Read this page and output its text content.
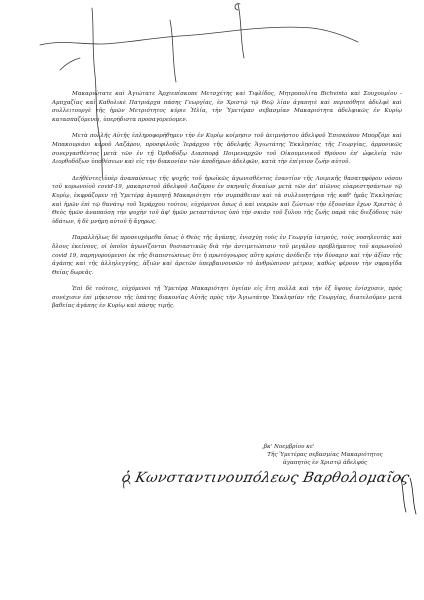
Μακαριώτατε καὶ Ἁγιώτατε Ἀρχιεπίσκοπε Μετσχέτης καὶ Τιφλίδος, Μητροπολίτα Bichvinta καὶ Σουχουμίου - Αμπχαζίας καὶ Καθολικὲ Πατριάρχα πάσης Γεωργίας, ἐν Χριστῷ τῷ Θεῷ λίαν ἀγαπητὲ καὶ περιπόθητε ἀδελφὲ καὶ συλλειτουργὲ τῆς ἡμῶν Μετριότητος κύριε Ἠλία, τὴν Ὑμετέραν σεβασμίαν Μακαριότητα ἀδελφικῶς ἐν Κυρίῳ κατασπαζόμενοι, ὑπερήδιστα προσαγορεύομεν.

Μετὰ πολλῆς Αὐτῆς ἐπληροφορήθημεν τὴν ἐν Κυρίῳ κοίμησιν τοῦ ἀειμνήστου ἀδελφοῦ Ἐπισκόπου Μπορζόμι καὶ Μπακουριάνι κυροῦ Λαζάρου, προσφιλοῦς Ἱεράρχου τῆς ἀδελφῆς Ἁγιωτάτης Ἐκκλησίας τῆς Γεωργίας, ἁρμονικῶς συνεργασθέντος μετὰ τῶν ἐν τῇ Ὀρθοδόξῳ Διασπορᾷ Ποιμεναρχῶν τοῦ Οἰκουμενικοῦ Θρόνου ἐπ' ὠφελείᾳ τῶν Διορθοδόξων ὑποθέσεων καὶ εἰς τὴν διακονίαν τῶν ἀποδήμων ἀδελφῶν, κατὰ τὴν ἐπίγειον ζωὴν αὐτοῦ.

Δεήθέντες ὑπὲρ ἀναπαύσεως τῆς ψυχῆς τοῦ ἡρωϊκῶς ἀγωνισθέντος ἐναντίον τῆς Λοιμικῆς θανατηφόρου νόσου τοῦ κορωνοϊοῦ covid-19, μακαριστοῦ ἀδελφοῦ Λαζάρου ἐν σκηναῖς δικαίων μετὰ τῶν ἀπ' αἰῶνος εὐαρεστησάντων τῷ Κυρίῳ, ἐκφράζομεν τῇ Ὑμετέρᾳ ἀγαπητῇ Μακαριότητι τὴν συμπάθειαν καὶ τὰ συλλυπητήρια τῆς καθ' ἡμᾶς Ἐκκλησίας καὶ ἡμῶν ἐπὶ τῷ θανάτῳ τοῦ Ἱεράρχου τούτου, εὐχόμενοι ὅπως ὁ καὶ νεκρῶν καὶ ζώντων τὴν ἐξουσίαν ἔχων Χριστὸς ὁ Θεὸς ἡμῶν ἀναπαύσῃ τὴν ψυχὴν τοῦ ἀφ' ἡμῶν μεταστάντος ὑπὸ τὴν σκιὰν τοῦ ξύλου τῆς ζωῆς παρὰ τὰς διεξόδους τῶν ὑδάτων, ἡ δὲ μνήμη αὐτοῦ ἤ ἄγηρως.

Παραλλήλως δὲ προσευχόμεθα ὅπως ὁ Θεὸς τῆς ἀγάπης, ἐνισχύῃ τοὺς ἐν Γεωργίᾳ ἰατρούς, τοὺς νοσηλευτὰς καὶ ὅλους ἐκείνους, οἱ ὁποῖοι ἀγωνίζονται θυσιαστικῶς διὰ τὴν ἀντιμετώπισιν τοῦ μεγάλου προβλήματος τοῦ κορωνοϊοῦ covid 19, παρηγορούμενοι ἐκ τῆς διαπιστώσεως ὅτι ἡ πρωτόγνωρος αὕτη κρίσις ἀνέδειξε τὴν δύναμιν καὶ τὴν ἀξίαν τῆς ἀγάπης καὶ τῆς ἀλληλεγγύης, ἀξιῶν καὶ ἀρετῶν ὑπερβαινουσῶν τὸ ἀνθρώπινον μέτρον, καθὼς φέρουν τὴν σφραγῖδα Θείας δωρεᾶς.

Ἐπὶ δὲ τούτοις, εὐχόμενοι τῇ Ὑμετέρᾳ Μακαριότητι ὑγείαν εἰς ἔτη πολλὰ καὶ τὴν ἐξ ὕψους ἐνίσχυσιν, πρὸς συνέχισιν ἐπὶ μήκιστον τῆς ὑπάτης διακονίας Αὐτῆς πρὸς τὴν Ἁγιωτάτην Ἐκκλησίαν τῆς Γεωργίας, διατελοῦμεν μετὰ βαθείας ἀγάπης ἐν Κυρίῳ καὶ πάσης τιμῆς.

,βκ' Νοεμβρίου κε'
Τῆς Ὑμετέρας σεβασμίας Μακαριότητος
ἀγαπητὸς ἐν Χριστῷ ἀδελφός
ὁ Κωνσταντινουπόλεως Βαρθολομαῖος
